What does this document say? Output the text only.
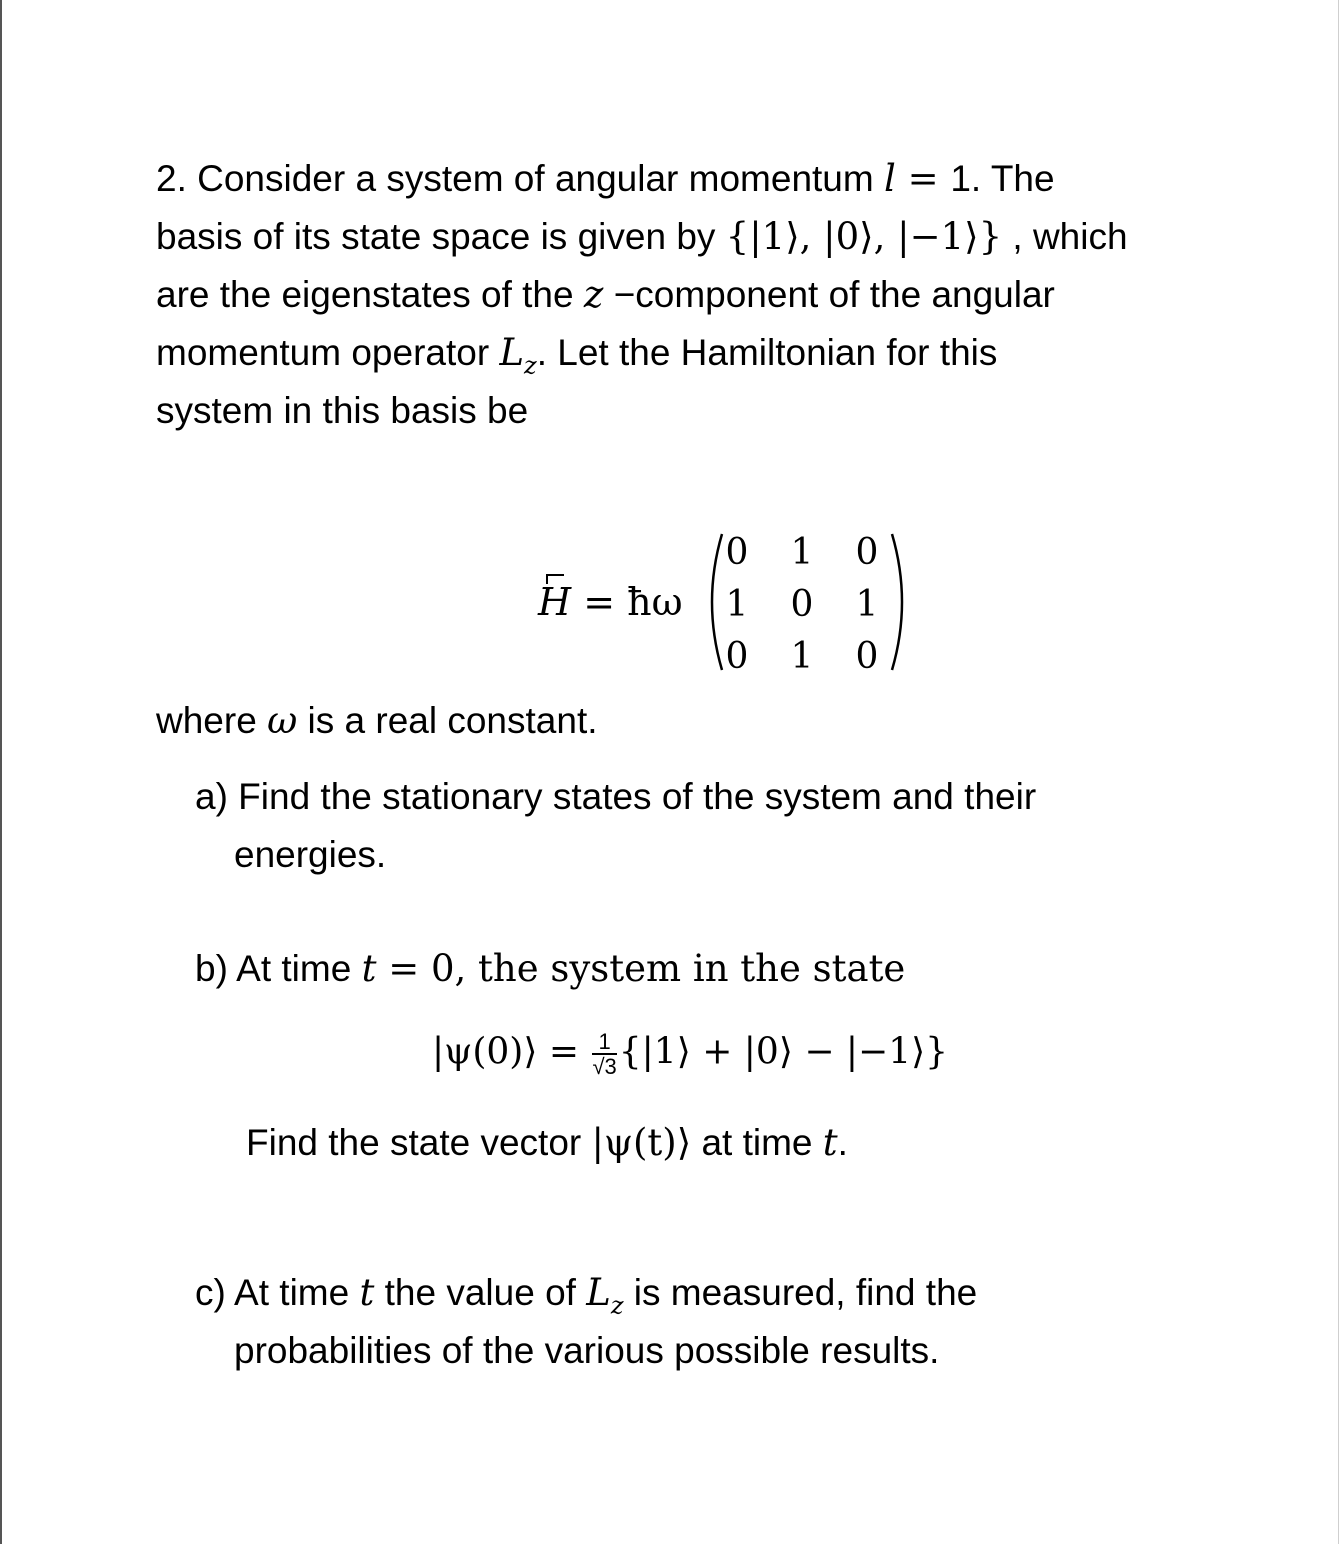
2. Consider a system of angular momentum l = 1. The
basis of its state space is given by {|1⟩, |0⟩, |−1⟩} , which
are the eigenstates of the z −component of the angular
momentum operator $L_z$. Let the Hamiltonian for this
system in this basis be
H = ħω
0 1 0
1 0 1
0 1 0
where ω is a real constant.
a) Find the stationary states of the system and their
energies.
b) At time t = 0, the system in the state
|ψ(0)⟩ = $\frac{1}{√3}$ {|1⟩ + |0⟩ − |−1⟩}
Find the state vector |ψ(t)⟩ at time t.
c) At time t the value of $L_z$ is measured, find the
probabilities of the various possible results.
